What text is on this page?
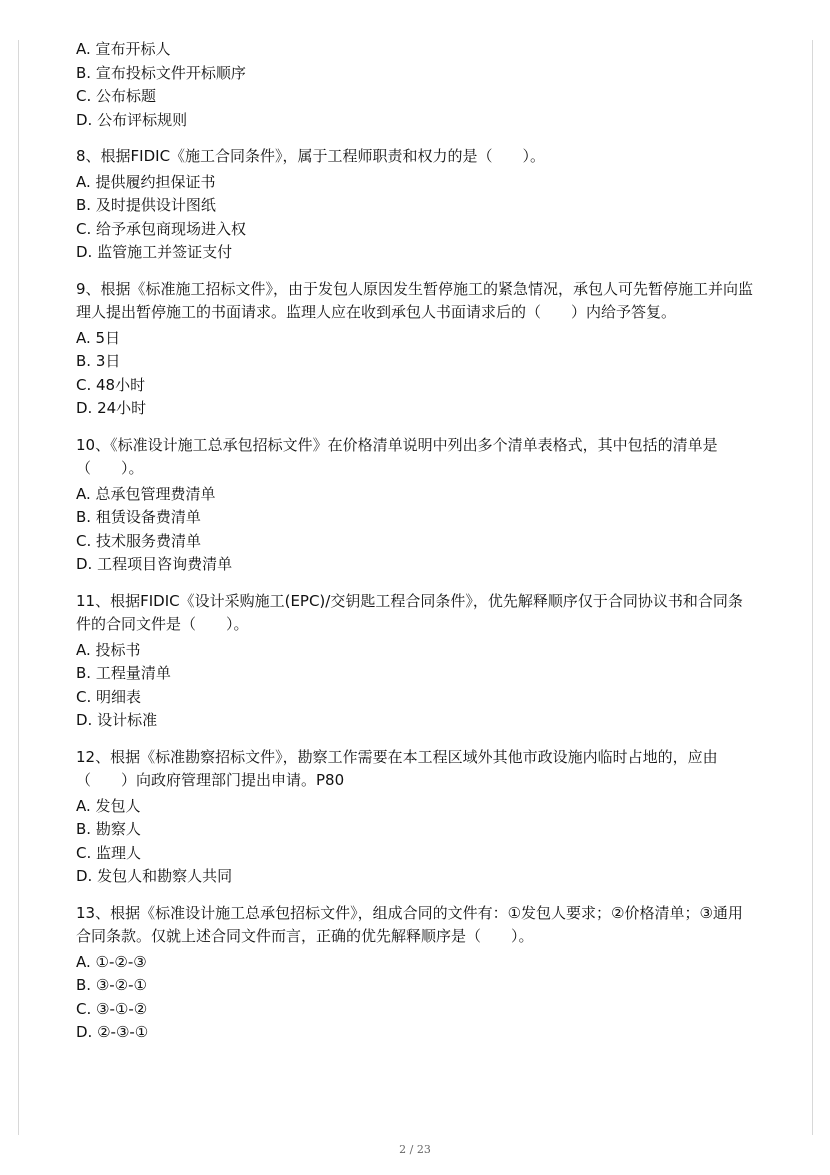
A. 宣布开标人

B. 宣布投标文件开标顺序

C. 公布标题

D. 公布评标规则

8、根据FIDIC《施工合同条件》，属于工程师职责和权力的是（　　）。

A. 提供履约担保证书

B. 及时提供设计图纸

C. 给予承包商现场进入权

D. 监管施工并签证支付

9、根据《标准施工招标文件》，由于发包人原因发生暂停施工的紧急情况，承包人可先暂停施工并向监理人提出暂停施工的书面请求。监理人应在收到承包人书面请求后的（　　）内给予答复。

A. 5日

B. 3日

C. 48小时

D. 24小时

10、《标准设计施工总承包招标文件》在价格清单说明中列出多个清单表格式，其中包括的清单是（　　）。

A. 总承包管理费清单

B. 租赁设备费清单

C. 技术服务费清单

D. 工程项目咨询费清单

11、根据FIDIC《设计采购施工(EPC)/交钥匙工程合同条件》，优先解释顺序仅于合同协议书和合同条件的合同文件是（　　）。

A. 投标书

B. 工程量清单

C. 明细表

D. 设计标准

12、根据《标准勘察招标文件》，勘察工作需要在本工程区域外其他市政设施内临时占地的，应由（　　）向政府管理部门提出申请。P80

A. 发包人

B. 勘察人

C. 监理人

D. 发包人和勘察人共同

13、根据《标准设计施工总承包招标文件》，组成合同的文件有：①发包人要求；②价格清单；③通用合同条款。仅就上述合同文件而言，正确的优先解释顺序是（　　）。

A. ①-②-③

B. ③-②-①

C. ③-①-②

D. ②-③-①

2 / 23
